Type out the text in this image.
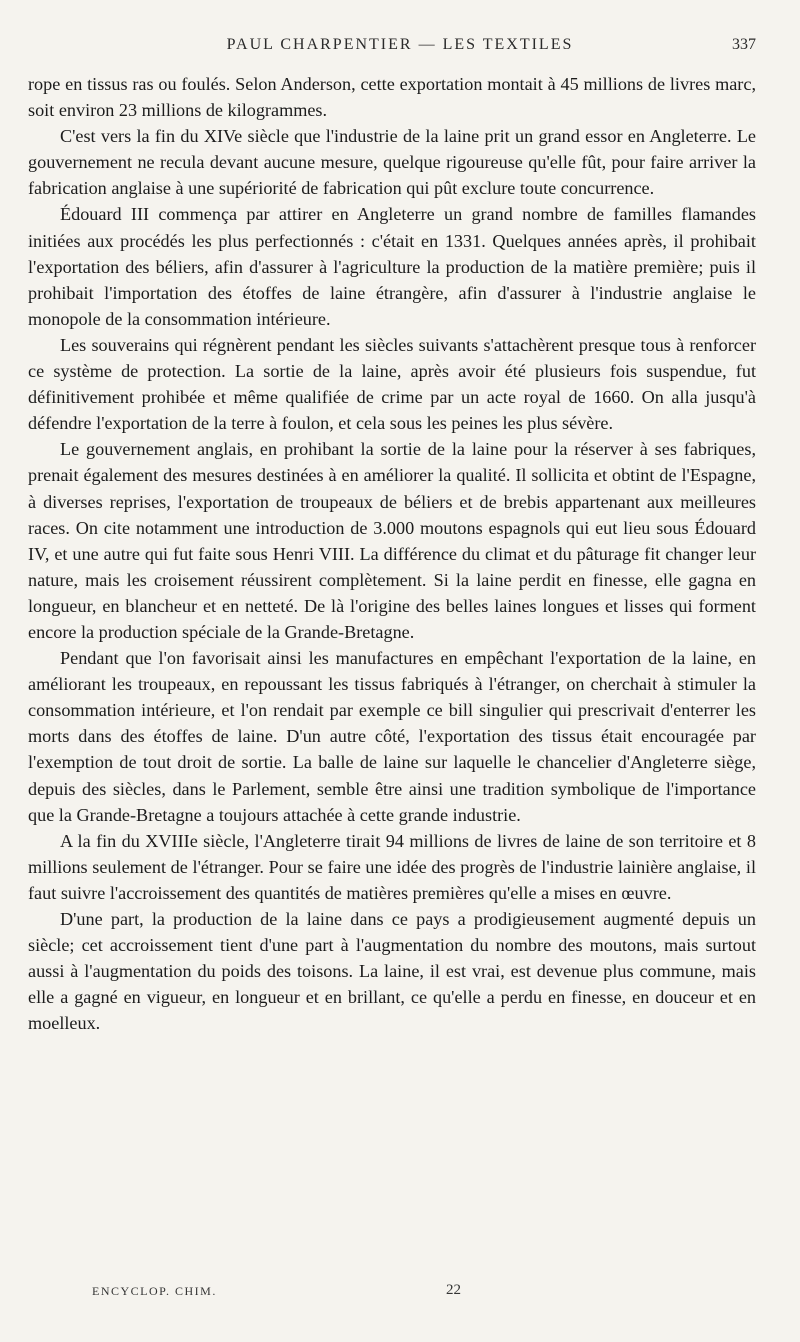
PAUL CHARPENTIER — LES TEXTILES	337

rope en tissus ras ou foulés. Selon Anderson, cette exportation montait à 45 millions de livres marc, soit environ 23 millions de kilogrammes.

C'est vers la fin du XIVe siècle que l'industrie de la laine prit un grand essor en Angleterre. Le gouvernement ne recula devant aucune mesure, quelque rigoureuse qu'elle fût, pour faire arriver la fabrication anglaise à une supériorité de fabrication qui pût exclure toute concurrence.

Édouard III commença par attirer en Angleterre un grand nombre de familles flamandes initiées aux procédés les plus perfectionnés : c'était en 1331. Quelques années après, il prohibait l'exportation des béliers, afin d'assurer à l'agriculture la production de la matière première; puis il prohibait l'importation des étoffes de laine étrangère, afin d'assurer à l'industrie anglaise le monopole de la consommation intérieure.

Les souverains qui régnèrent pendant les siècles suivants s'attachèrent presque tous à renforcer ce système de protection. La sortie de la laine, après avoir été plusieurs fois suspendue, fut définitivement prohibée et même qualifiée de crime par un acte royal de 1660. On alla jusqu'à défendre l'exportation de la terre à foulon, et cela sous les peines les plus sévère.

Le gouvernement anglais, en prohibant la sortie de la laine pour la réserver à ses fabriques, prenait également des mesures destinées à en améliorer la qualité. Il sollicita et obtint de l'Espagne, à diverses reprises, l'exportation de troupeaux de béliers et de brebis appartenant aux meilleures races. On cite notamment une introduction de 3.000 moutons espagnols qui eut lieu sous Édouard IV, et une autre qui fut faite sous Henri VIII. La différence du climat et du pâturage fit changer leur nature, mais les croisement réussirent complètement. Si la laine perdit en finesse, elle gagna en longueur, en blancheur et en netteté. De là l'origine des belles laines longues et lisses qui forment encore la production spéciale de la Grande-Bretagne.

Pendant que l'on favorisait ainsi les manufactures en empêchant l'exportation de la laine, en améliorant les troupeaux, en repoussant les tissus fabriqués à l'étranger, on cherchait à stimuler la consommation intérieure, et l'on rendait par exemple ce bill singulier qui prescrivait d'enterrer les morts dans des étoffes de laine. D'un autre côté, l'exportation des tissus était encouragée par l'exemption de tout droit de sortie. La balle de laine sur laquelle le chancelier d'Angleterre siège, depuis des siècles, dans le Parlement, semble être ainsi une tradition symbolique de l'importance que la Grande-Bretagne a toujours attachée à cette grande industrie.

A la fin du XVIIIe siècle, l'Angleterre tirait 94 millions de livres de laine de son territoire et 8 millions seulement de l'étranger. Pour se faire une idée des progrès de l'industrie lainière anglaise, il faut suivre l'accroissement des quantités de matières premières qu'elle a mises en œuvre.

D'une part, la production de la laine dans ce pays a prodigieusement augmenté depuis un siècle; cet accroissement tient d'une part à l'augmentation du nombre des moutons, mais surtout aussi à l'augmentation du poids des toisons. La laine, il est vrai, est devenue plus commune, mais elle a gagné en vigueur, en longueur et en brillant, ce qu'elle a perdu en finesse, en douceur et en moelleux.

ENCYCLOP. CHIM.	22
